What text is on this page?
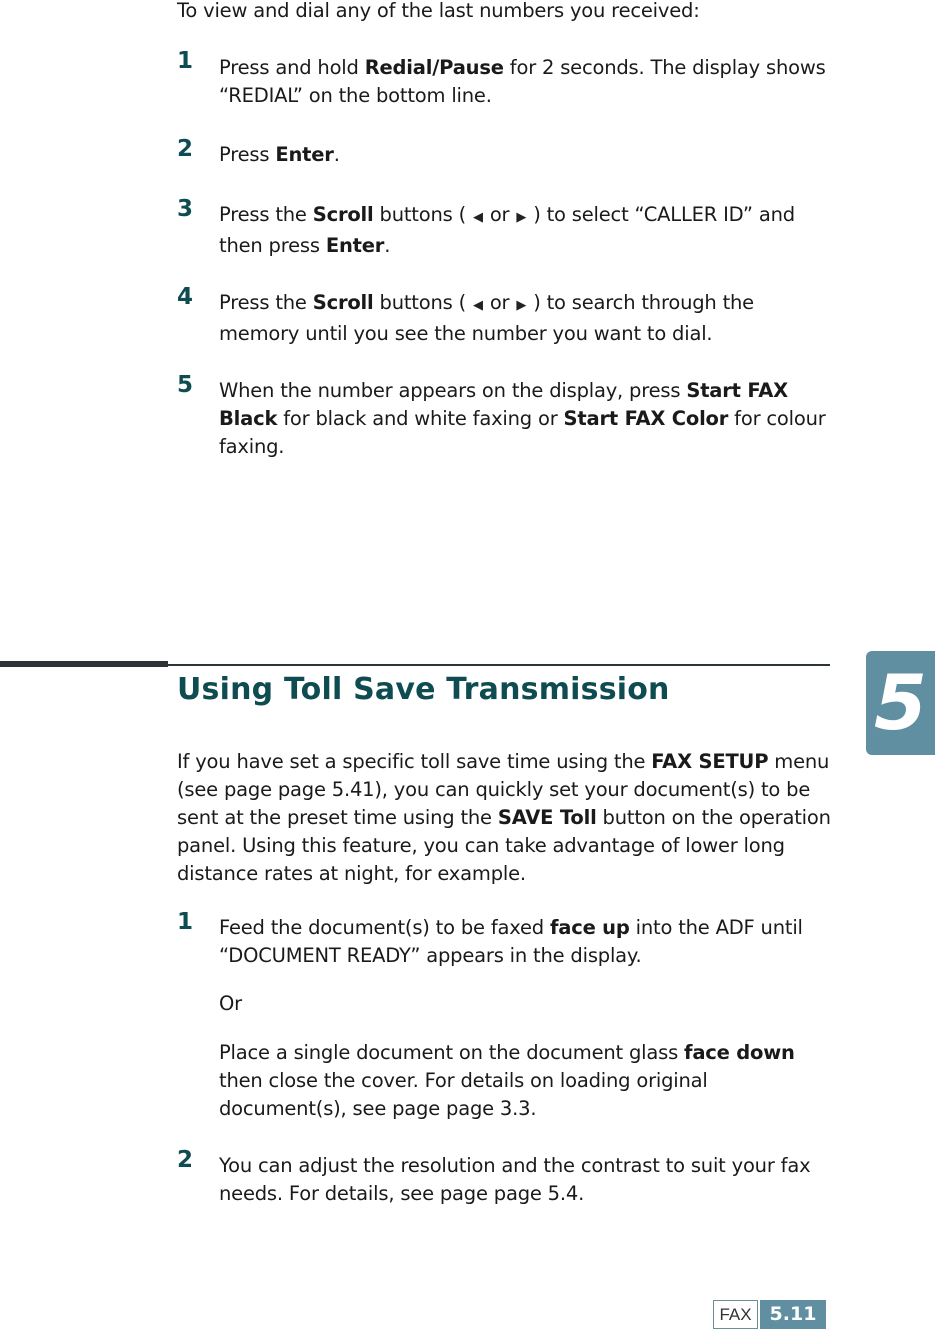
To view and dial any of the last numbers you received:
1	Press and hold Redial/Pause for 2 seconds. The display shows “REDIAL” on the bottom line.
2	Press Enter.
3	Press the Scroll buttons ( ◀ or ▶ ) to select “CALLER ID” and then press Enter.
4	Press the Scroll buttons ( ◀ or ▶ ) to search through the memory until you see the number you want to dial.
5	When the number appears on the display, press Start FAX Black for black and white faxing or Start FAX Color for colour faxing.
Using Toll Save Transmission
If you have set a specific toll save time using the FAX SETUP menu (see page page 5.41), you can quickly set your document(s) to be sent at the preset time using the SAVE Toll button on the operation panel. Using this feature, you can take advantage of lower long distance rates at night, for example.
1	Feed the document(s) to be faxed face up into the ADF until “DOCUMENT READY” appears in the display.
Or
Place a single document on the document glass face down then close the cover. For details on loading original document(s), see page page 3.3.
2	You can adjust the resolution and the contrast to suit your fax needs. For details, see page page 5.4.
5
FAX 5.11
